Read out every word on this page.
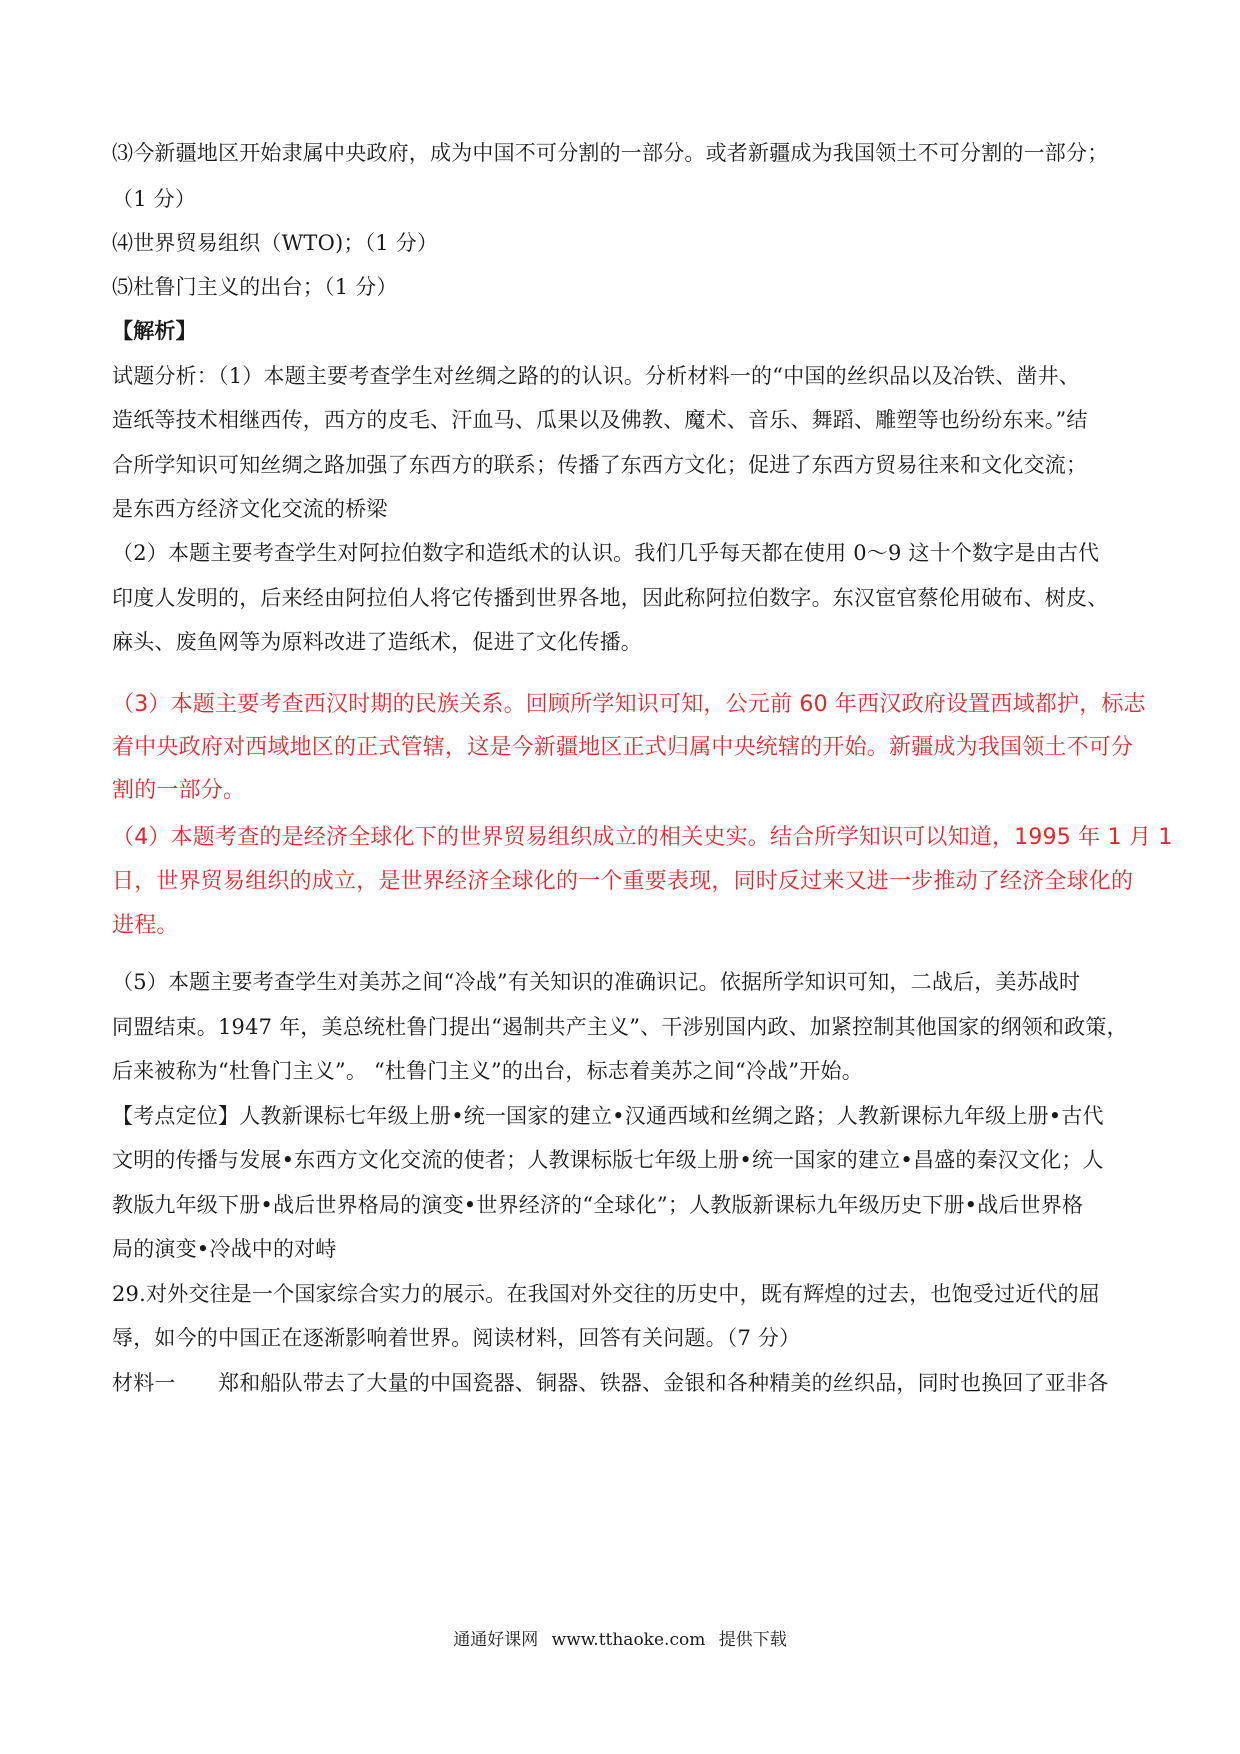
⑶今新疆地区开始隶属中央政府，成为中国不可分割的一部分。或者新疆成为我国领土不可分割的一部分；
（1 分）
⑷世界贸易组织（WTO)；（1 分）
⑸杜鲁门主义的出台；（1 分）
【解析】
试题分析：（1）本题主要考查学生对丝绸之路的的认识。分析材料一的“中国的丝织品以及冶铁、凿井、
造纸等技术相继西传，西方的皮毛、汗血马、瓜果以及佛教、魔术、音乐、舞蹈、雕塑等也纷纷东来。”结
合所学知识可知丝绸之路加强了东西方的联系；传播了东西方文化；促进了东西方贸易往来和文化交流；
是东西方经济文化交流的桥梁
（2）本题主要考查学生对阿拉伯数字和造纸术的认识。我们几乎每天都在使用 0～9 这十个数字是由古代
印度人发明的，后来经由阿拉伯人将它传播到世界各地，因此称阿拉伯数字。东汉宦官蔡伦用破布、树皮、
麻头、废鱼网等为原料改进了造纸术，促进了文化传播。
（3）本题主要考查西汉时期的民族关系。回顾所学知识可知，公元前 60 年西汉政府设置西域都护，标志
着中央政府对西域地区的正式管辖，这是今新疆地区正式归属中央统辖的开始。新疆成为我国领土不可分
割的一部分。
（4）本题考查的是经济全球化下的世界贸易组织成立的相关史实。结合所学知识可以知道，1995 年 1 月 1
日，世界贸易组织的成立，是世界经济全球化的一个重要表现，同时反过来又进一步推动了经济全球化的
进程。
（5）本题主要考查学生对美苏之间“冷战”有关知识的准确识记。依据所学知识可知，二战后，美苏战时
同盟结束。1947 年，美总统杜鲁门提出“遏制共产主义”、干涉别国内政、加紧控制其他国家的纲领和政策，
后来被称为“杜鲁门主义”。 “杜鲁门主义”的出台，标志着美苏之间“冷战”开始。
【考点定位】人教新课标七年级上册•统一国家的建立•汉通西域和丝绸之路；人教新课标九年级上册•古代
文明的传播与发展•东西方文化交流的使者；人教课标版七年级上册•统一国家的建立•昌盛的秦汉文化；人
教版九年级下册•战后世界格局的演变•世界经济的“全球化”；人教版新课标九年级历史下册•战后世界格
局的演变•冷战中的对峙
29.对外交往是一个国家综合实力的展示。在我国对外交往的历史中，既有辉煌的过去，也饱受过近代的屈
辱，如今的中国正在逐渐影响着世界。阅读材料，回答有关问题。（7 分）
材料一　　郑和船队带去了大量的中国瓷器、铜器、铁器、金银和各种精美的丝织品，同时也换回了亚非各
通通好课网 www.tthaoke.com 提供下载
